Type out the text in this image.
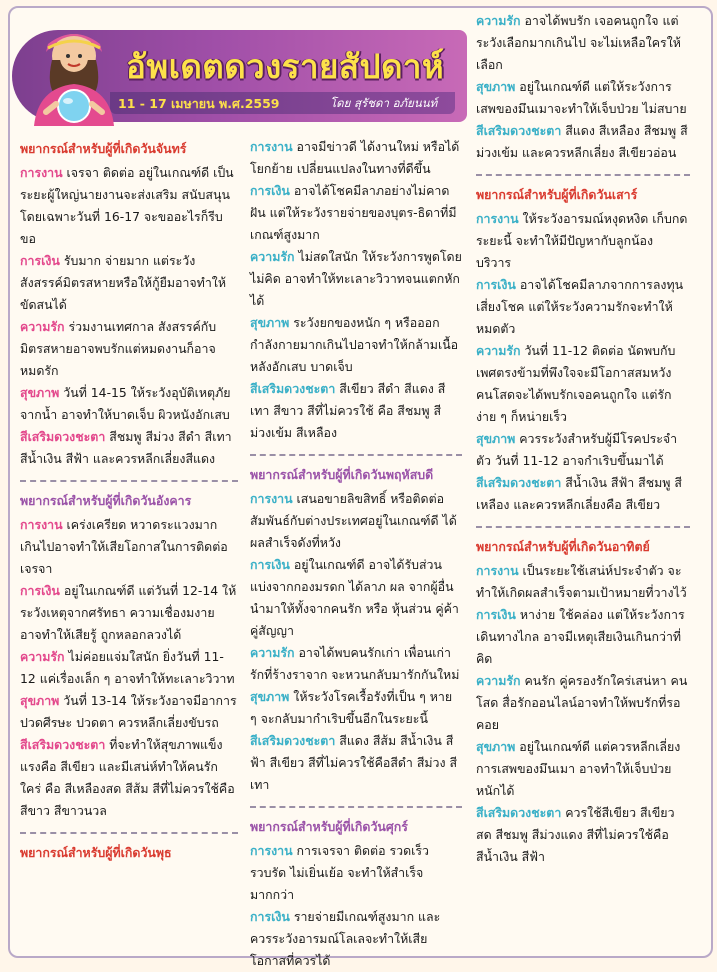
อัพเดตดวงรายสัปดาห์
11 - 17 เมษายน พ.ศ.2559	โดย สุรัชดา อภัยนนท์
พยากรณ์สำหรับผู้ที่เกิดวันจันทร์

การงาน เจรจา ติดต่อ อยู่ในเกณฑ์ดี เป็นระยะผู้ใหญ่นายงานจะส่งเสริม สนับสนุน โดยเฉพาะวันที่ 16-17 จะขออะไรก็รีบขอ

การเงิน รับมาก จ่ายมาก แต่ระวังสังสรรค์มิตรสหายหรือให้กู้ยืมอาจทำให้ขัดสนได้

ความรัก ร่วมงานเทศกาล สังสรรค์กับมิตรสหายอาจพบรักแต่หมดงานก็อาจหมดรัก

สุขภาพ วันที่ 14-15 ให้ระวังอุบัติเหตุภัยจากน้ำ อาจทำให้บาดเจ็บ ผิวหนังอักเสบ

สีเสริมดวงชะตา สีชมพู สีม่วง สีดำ สีเทา สีน้ำเงิน สีฟ้า และควรหลีกเลี่ยงสีแดง

พยากรณ์สำหรับผู้ที่เกิดวันอังคาร

การงาน เคร่งเครียด หวาดระแวงมาก เกินไปอาจทำให้เสียโอกาสในการติดต่อเจรจา

การเงิน อยู่ในเกณฑ์ดี แต่วันที่ 12-14 ให้ระวังเหตุจากศรัทธา ความเชื่องมงาย อาจทำให้เสียรู้ ถูกหลอกลวงได้

ความรัก ไม่ค่อยแจ่มใสนัก ยิ่งวันที่ 11-12 แค่เรื่องเล็ก ๆ อาจทำให้ทะเลาะวิวาท

สุขภาพ วันที่ 13-14 ให้ระวังอาจมีอาการปวดศีรษะ ปวดตา ควรหลีกเลี่ยงขับรถ

สีเสริมดวงชะตา ที่จะทำให้สุขภาพแข็งแรงคือ สีเขียว และมีเสน่ห์ทำให้คนรักใคร่ คือ สีเหลืองสด สีส้ม สีที่ไม่ควรใช้คือสีขาว สีขาวนวล

พยากรณ์สำหรับผู้ที่เกิดวันพุธ

การงาน อาจมีข่าวดี ได้งานใหม่ หรือได้โยกย้าย เปลี่ยนแปลงในทางที่ดีขึ้น

การเงิน อาจได้โชคมีลาภอย่างไม่คาดฝัน แต่ให้ระวังรายจ่ายของบุตร-ธิดาที่มีเกณฑ์สูงมาก

ความรัก ไม่สดใสนัก ให้ระวังการพูดโดยไม่คิด อาจทำให้ทะเลาะวิวาทจนแตกหักได้

สุขภาพ ระวังยกของหนัก ๆ หรือออกกำลังกายมากเกินไปอาจทำให้กล้ามเนื้อหลังอักเสบ บาดเจ็บ

สีเสริมดวงชะตา สีเขียว สีดำ สีแดง สีเทา สีขาว สีที่ไม่ควรใช้ คือ สีชมพู สีม่วงเข้ม สีเหลือง

พยากรณ์สำหรับผู้ที่เกิดวันพฤหัสบดี

การงาน เสนอขายลิขสิทธิ์ หรือติดต่อสัมพันธ์กับต่างประเทศอยู่ในเกณฑ์ดี ได้ผลสำเร็จดังที่หวัง

การเงิน อยู่ในเกณฑ์ดี อาจได้รับส่วนแบ่งจากกองมรดก ได้ลาภ ผล จากผู้อื่นนำมาให้ทั้งจากคนรัก หรือ หุ้นส่วน คู่ค้า คู่สัญญา

ความรัก อาจได้พบคนรักเก่า เพื่อนเก่า รักที่ร้างราจาก จะหวนกลับมารักกันใหม่

สุขภาพ ให้ระวังโรคเรื้อรังที่เป็น ๆ หาย ๆ จะกลับมากำเริบขึ้นอีกในระยะนี้

สีเสริมดวงชะตา สีแดง สีส้ม สีน้ำเงิน สีฟ้า สีเขียว สีที่ไม่ควรใช้คือสีดำ สีม่วง สีเทา

พยากรณ์สำหรับผู้ที่เกิดวันศุกร์

การงาน การเจรจา ติดต่อ รวดเร็ว รวบรัด ไม่เยิ่นเย้อ จะทำให้สำเร็จมากกว่า

การเงิน รายจ่ายมีเกณฑ์สูงมาก และควรระวังอารมณ์โลเลจะทำให้เสียโอกาสที่ควรได้

ความรัก อาจได้พบรัก เจอคนถูกใจ แต่ระวังเลือกมากเกินไป จะไม่เหลือใครให้เลือก

สุขภาพ อยู่ในเกณฑ์ดี แต่ให้ระวังการเสพของมึนเมาจะทำให้เจ็บป่วย ไม่สบาย

สีเสริมดวงชะตา สีแดง สีเหลือง สีชมพู สีม่วงเข้ม และควรหลีกเลี่ยง สีเขียวอ่อน

พยากรณ์สำหรับผู้ที่เกิดวันเสาร์

การงาน ให้ระวังอารมณ์หงุดหงิด เก็บกดระยะนี้ จะทำให้มีปัญหากับลูกน้อง บริวาร

การเงิน อาจได้โชคมีลาภจากการลงทุนเสี่ยงโชค แต่ให้ระวังความรักจะทำให้หมดตัว

ความรัก วันที่ 11-12 ติดต่อ นัดพบกับเพศตรงข้ามที่พึงใจจะมีโอกาสสมหวัง คนโสดจะได้พบรักเจอคนถูกใจ แต่รักง่าย ๆ ก็หน่ายเร็ว

สุขภาพ ควรระวังสำหรับผู้มีโรคประจำตัว วันที่ 11-12 อาจกำเริบขึ้นมาได้

สีเสริมดวงชะตา สีน้ำเงิน สีฟ้า สีชมพู สีเหลือง และควรหลีกเลี่ยงคือ สีเขียว

พยากรณ์สำหรับผู้ที่เกิดวันอาทิตย์

การงาน เป็นระยะใช้เสน่ห์ประจำตัว จะทำให้เกิดผลสำเร็จตามเป้าหมายที่วางไว้

การเงิน หาง่าย ใช้คล่อง แต่ให้ระวังการเดินทางไกล อาจมีเหตุเสียเงินเกินกว่าที่คิด

ความรัก คนรัก คู่ครองรักใคร่เสน่หา คนโสด สื่อรักออนไลน์อาจทำให้พบรักที่รอคอย

สุขภาพ อยู่ในเกณฑ์ดี แต่ควรหลีกเลี่ยงการเสพของมึนเมา อาจทำให้เจ็บป่วยหนักได้

สีเสริมดวงชะตา ควรใช้สีเขียว สีเขียวสด สีชมพู สีม่วงแดง สีที่ไม่ควรใช้คือ สีน้ำเงิน สีฟ้า
